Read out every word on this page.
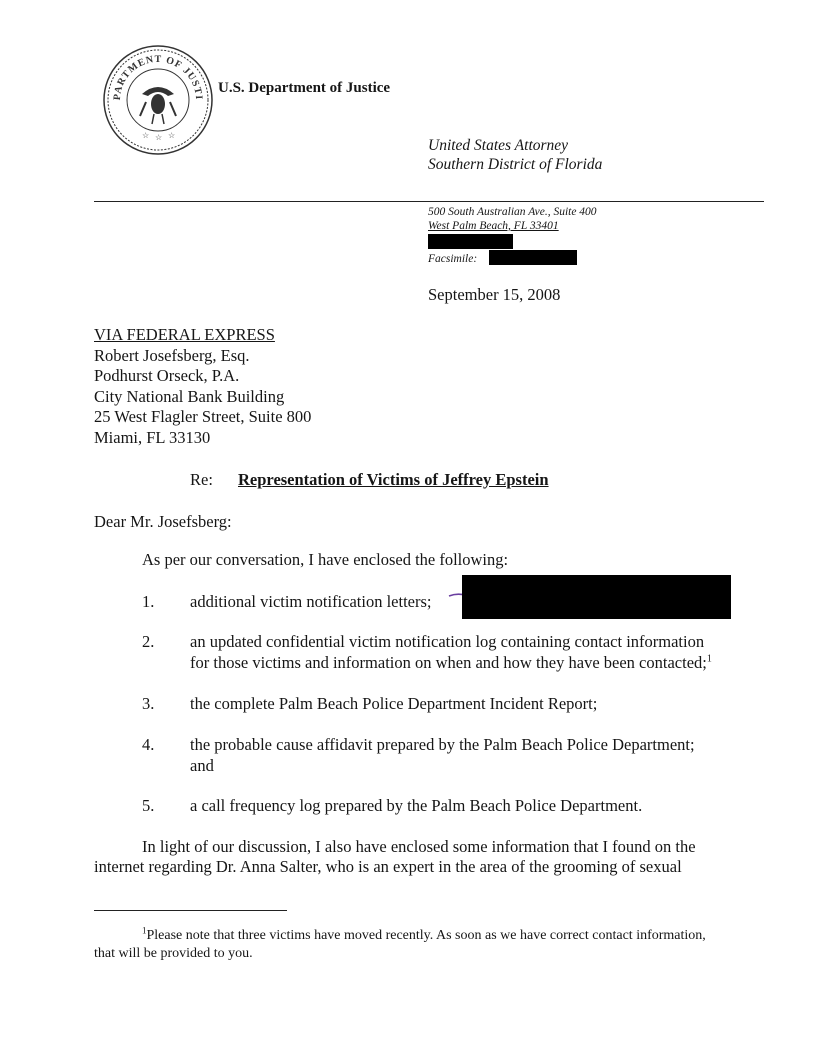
PARTMENT OF JUSTI
☆ ☆ ☆
U.S. Department of Justice
United States Attorney
Southern District of Florida
500 South Australian Ave., Suite 400
West Palm Beach, FL 33401
Facsimile:
September 15, 2008
VIA FEDERAL EXPRESS
Robert Josefsberg, Esq.
Podhurst Orseck, P.A.
City National Bank Building
25 West Flagler Street, Suite 800
Miami, FL 33130
Re: Representation of Victims of Jeffrey Epstein
Dear Mr. Josefsberg:
As per our conversation, I have enclosed the following:
1. additional victim notification letters;
2. an updated confidential victim notification log containing contact information
for those victims and information on when and how they have been contacted;$^1$
3. the complete Palm Beach Police Department Incident Report;
4. the probable cause affidavit prepared by the Palm Beach Police Department;
and
5. a call frequency log prepared by the Palm Beach Police Department.
In light of our discussion, I also have enclosed some information that I found on the
internet regarding Dr. Anna Salter, who is an expert in the area of the grooming of sexual
$^1$Please note that three victims have moved recently. As soon as we have correct contact information, that will be provided to you.
